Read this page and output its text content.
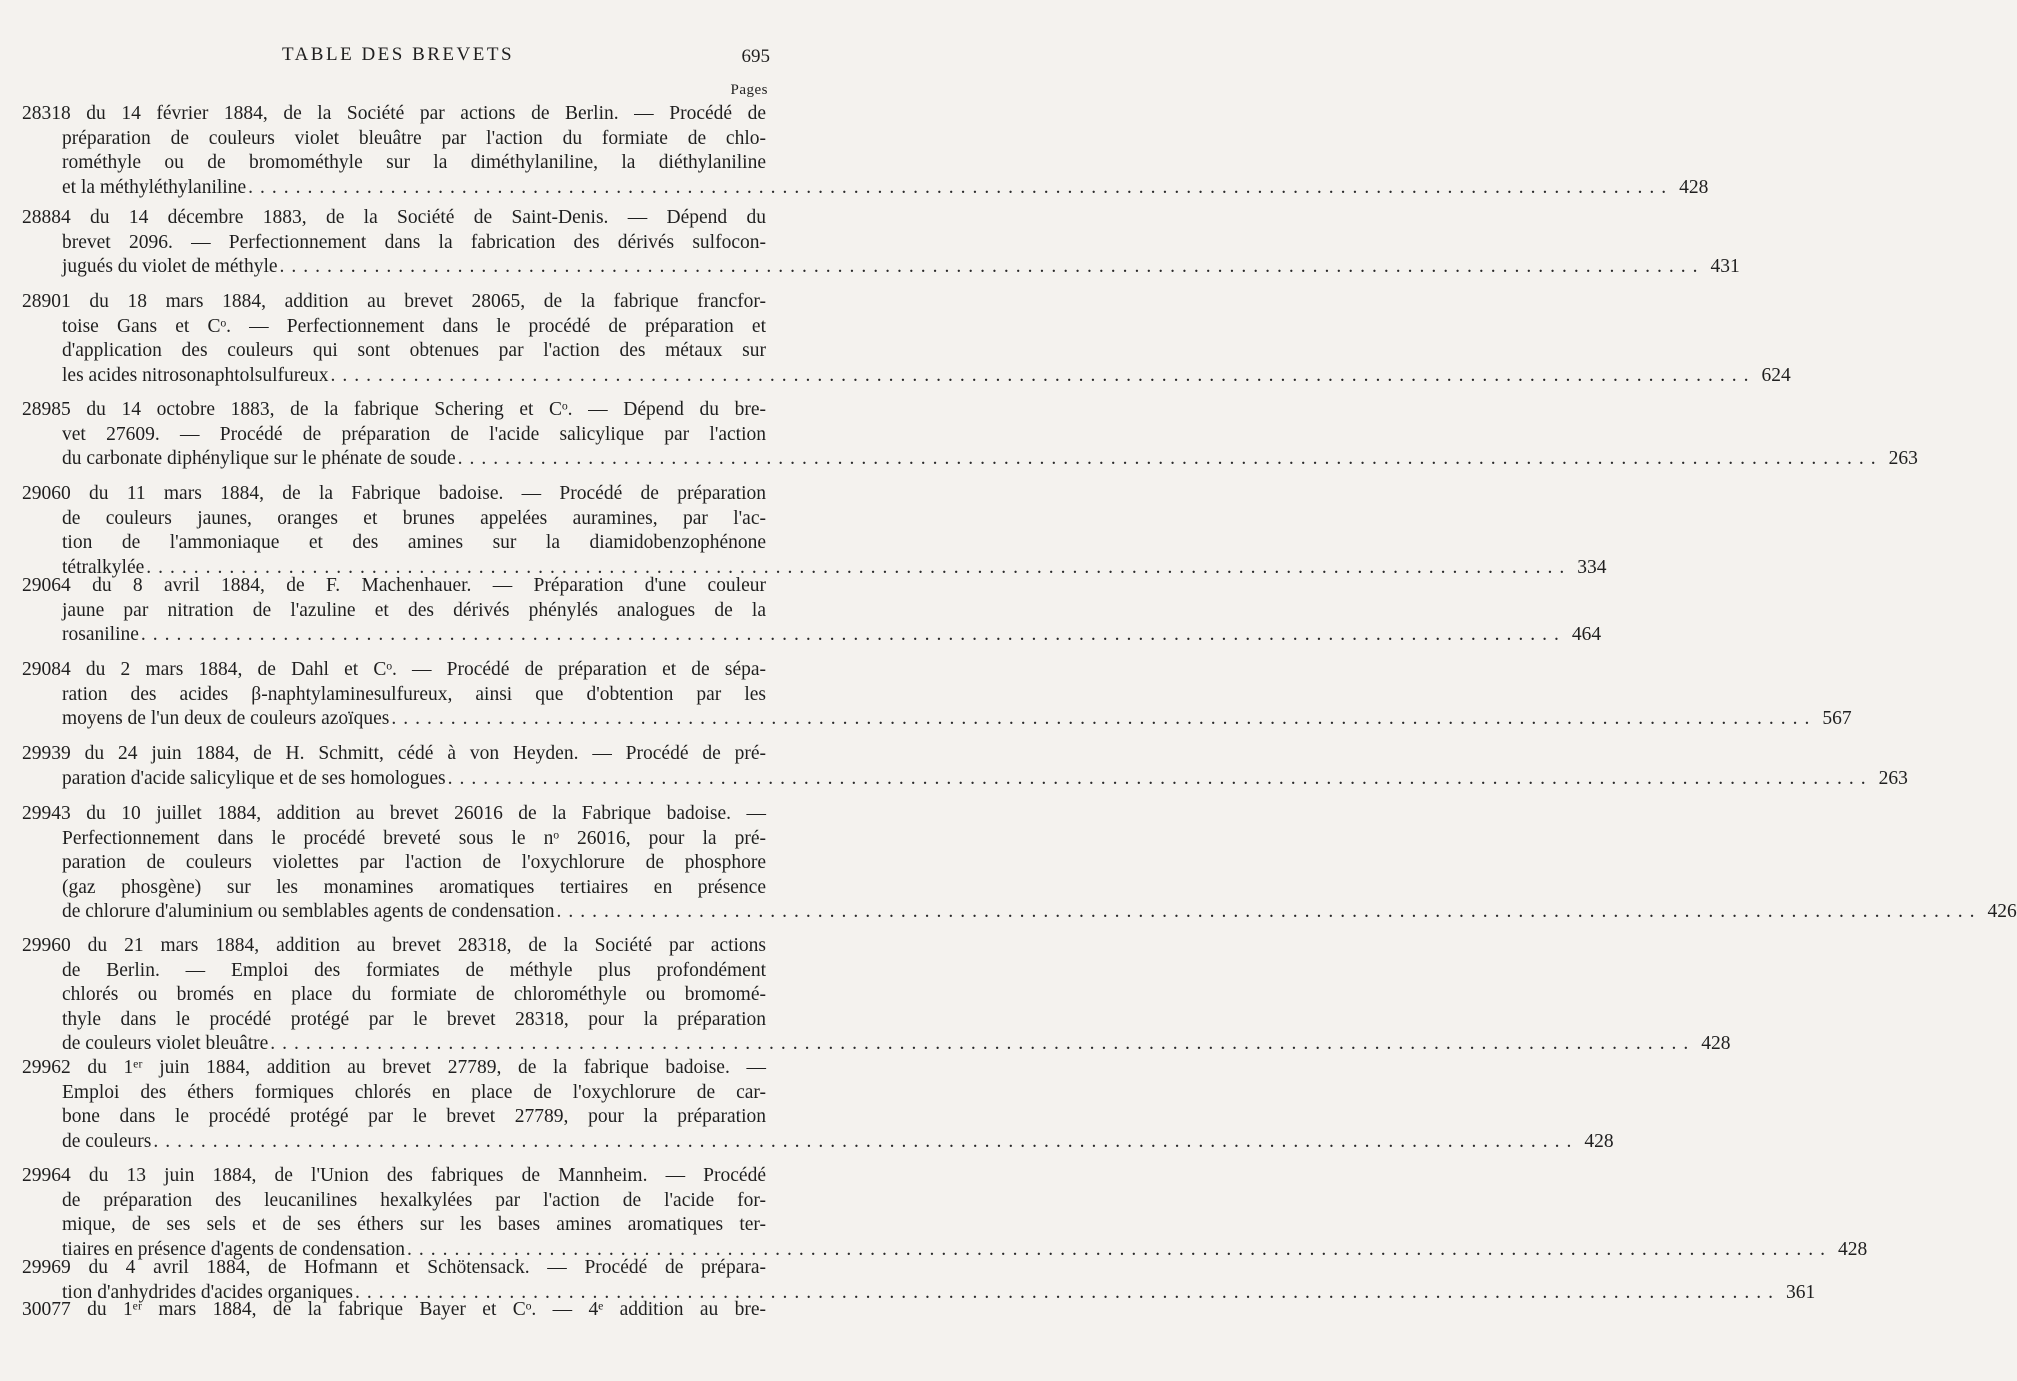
TABLE DES BREVETS	695
Pages
28318 du 14 février 1884, de la Société par actions de Berlin. — Procédé de
préparation de couleurs violet bleuâtre par l'action du formiate de chlo-
rométhyle ou de bromométhyle sur la diméthylaniline, la diéthylaniline
et la méthyléthylaniline ........................................................................................................................ 428
28884 du 14 décembre 1883, de la Société de Saint-Denis. — Dépend du
brevet 2096. — Perfectionnement dans la fabrication des dérivés sulfocon-
jugués du violet de méthyle ........................................................................................................................ 431
28901 du 18 mars 1884, addition au brevet 28065, de la fabrique francfor-
toise Gans et Cᵒ. — Perfectionnement dans le procédé de préparation et
d'application des couleurs qui sont obtenues par l'action des métaux sur
les acides nitrosonaphtolsulfureux ........................................................................................................................ 624
28985 du 14 octobre 1883, de la fabrique Schering et Cᵒ. — Dépend du bre-
vet 27609. — Procédé de préparation de l'acide salicylique par l'action
du carbonate diphénylique sur le phénate de soude ........................................................................................................................ 263
29060 du 11 mars 1884, de la Fabrique badoise. — Procédé de préparation
de couleurs jaunes, oranges et brunes appelées auramines, par l'ac-
tion de l'ammoniaque et des amines sur la diamidobenzophénone
tétralkylée ........................................................................................................................ 334
29064 du 8 avril 1884, de F. Machenhauer. — Préparation d'une couleur
jaune par nitration de l'azuline et des dérivés phénylés analogues de la
rosaniline ........................................................................................................................ 464
29084 du 2 mars 1884, de Dahl et Cᵒ. — Procédé de préparation et de sépa-
ration des acides β-naphtylaminesulfureux, ainsi que d'obtention par les
moyens de l'un deux de couleurs azoïques ........................................................................................................................ 567
29939 du 24 juin 1884, de H. Schmitt, cédé à von Heyden. — Procédé de pré-
paration d'acide salicylique et de ses homologues ........................................................................................................................ 263
29943 du 10 juillet 1884, addition au brevet 26016 de la Fabrique badoise. —
Perfectionnement dans le procédé breveté sous le nᵒ 26016, pour la pré-
paration de couleurs violettes par l'action de l'oxychlorure de phosphore
(gaz phosgène) sur les monamines aromatiques tertiaires en présence
de chlorure d'aluminium ou semblables agents de condensation ........................................................................................................................ 426
29960 du 21 mars 1884, addition au brevet 28318, de la Société par actions
de Berlin. — Emploi des formiates de méthyle plus profondément
chlorés ou bromés en place du formiate de chlorométhyle ou bromomé-
thyle dans le procédé protégé par le brevet 28318, pour la préparation
de couleurs violet bleuâtre ........................................................................................................................ 428
29962 du 1ᵉʳ juin 1884, addition au brevet 27789, de la fabrique badoise. —
Emploi des éthers formiques chlorés en place de l'oxychlorure de car-
bone dans le procédé protégé par le brevet 27789, pour la préparation
de couleurs ........................................................................................................................ 428
29964 du 13 juin 1884, de l'Union des fabriques de Mannheim. — Procédé
de préparation des leucanilines hexalkylées par l'action de l'acide for-
mique, de ses sels et de ses éthers sur les bases amines aromatiques ter-
tiaires en présence d'agents de condensation ........................................................................................................................ 428
29969 du 4 avril 1884, de Hofmann et Schötensack. — Procédé de prépara-
tion d'anhydrides d'acides organiques ........................................................................................................................ 361
30077 du 1ᵉʳ mars 1884, de la fabrique Bayer et Cᵒ. — 4ᵉ addition au bre-
